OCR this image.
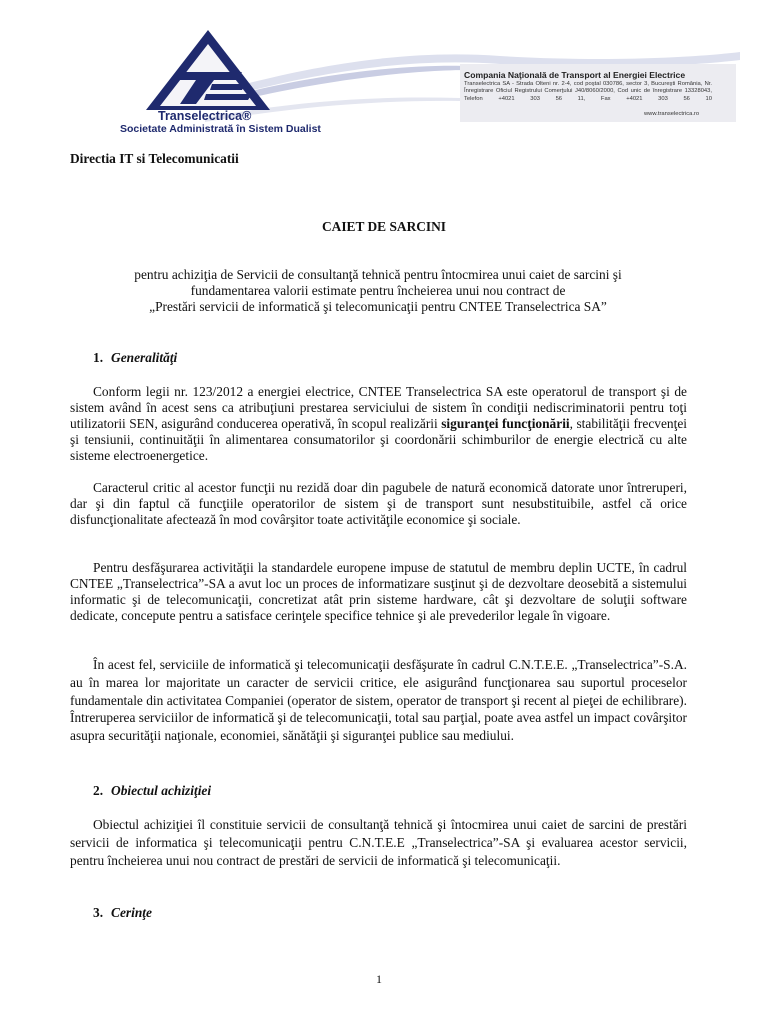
Transelectrica®
Societate Administrată în Sistem Dualist
Compania Naţională de Transport al Energiei Electrice
Transelectrica SA - Strada Olteni nr. 2-4, cod poştal 030786, sector 3, Bucureşti România, Nr. Înregistrare Oficiul Registrului Comerţului J40/8060/2000, Cod unic de înregistrare 13328043, Telefon +4021 303 56 11, Fax +4021 303 56 10
www.transelectrica.ro
Directia IT si Telecomunicatii
CAIET DE SARCINI

pentru achiziţia de Servicii de consultanţă tehnică pentru întocmirea unui caiet de sarcini şi

fundamentarea valorii estimate pentru încheierea unui nou contract de

„Prestări servicii de informatică şi telecomunicaţii pentru CNTEE Transelectrica SA”

1. Generalităţi

Conform legii nr. 123/2012 a energiei electrice, CNTEE Transelectrica SA este operatorul de transport şi de sistem având în acest sens ca atribuţiuni prestarea serviciului de sistem în condiţii nediscriminatorii pentru toţi utilizatorii SEN, asigurând conducerea operativă, în scopul realizării siguranţei funcţionării, stabilităţii frecvenţei şi tensiunii, continuităţii în alimentarea consumatorilor şi coordonării schimburilor de energie electrică cu alte sisteme electroenergetice.

Caracterul critic al acestor funcţii nu rezidă doar din pagubele de natură economică datorate unor întreruperi, dar şi din faptul că funcţiile operatorilor de sistem şi de transport sunt nesubstituibile, astfel că orice disfuncţionalitate afectează în mod covârşitor toate activităţile economice şi sociale.

Pentru desfăşurarea activităţii la standardele europene impuse de statutul de membru deplin UCTE, în cadrul CNTEE „Transelectrica”-SA a avut loc un proces de informatizare susţinut şi de dezvoltare deosebită a sistemului informatic şi de telecomunicaţii, concretizat atât prin sisteme hardware, cât şi dezvoltare de soluţii software dedicate, concepute pentru a satisface cerinţele specifice tehnice şi ale prevederilor legale în vigoare.

În acest fel, serviciile de informatică şi telecomunicaţii desfăşurate în cadrul C.N.T.E.E. „Transelectrica”-S.A. au în marea lor majoritate un caracter de servicii critice, ele asigurând funcţionarea sau suportul proceselor fundamentale din activitatea Companiei (operator de sistem, operator de transport şi recent al pieţei de echilibrare). Întreruperea serviciilor de informatică şi de telecomunicaţii, total sau parţial, poate avea astfel un impact covârşitor asupra securităţii naţionale, economiei, sănătăţii şi siguranţei publice sau mediului.

2. Obiectul achiziţiei

Obiectul achiziţiei îl constituie servicii de consultanţă tehnică şi întocmirea unui caiet de sarcini de prestări servicii de informatica şi telecomunicaţii pentru C.N.T.E.E „Transelectrica”-SA şi evaluarea acestor servicii, pentru încheierea unui nou contract de prestări de servicii de informatică şi telecomunicaţii.

3. Cerinţe
1
